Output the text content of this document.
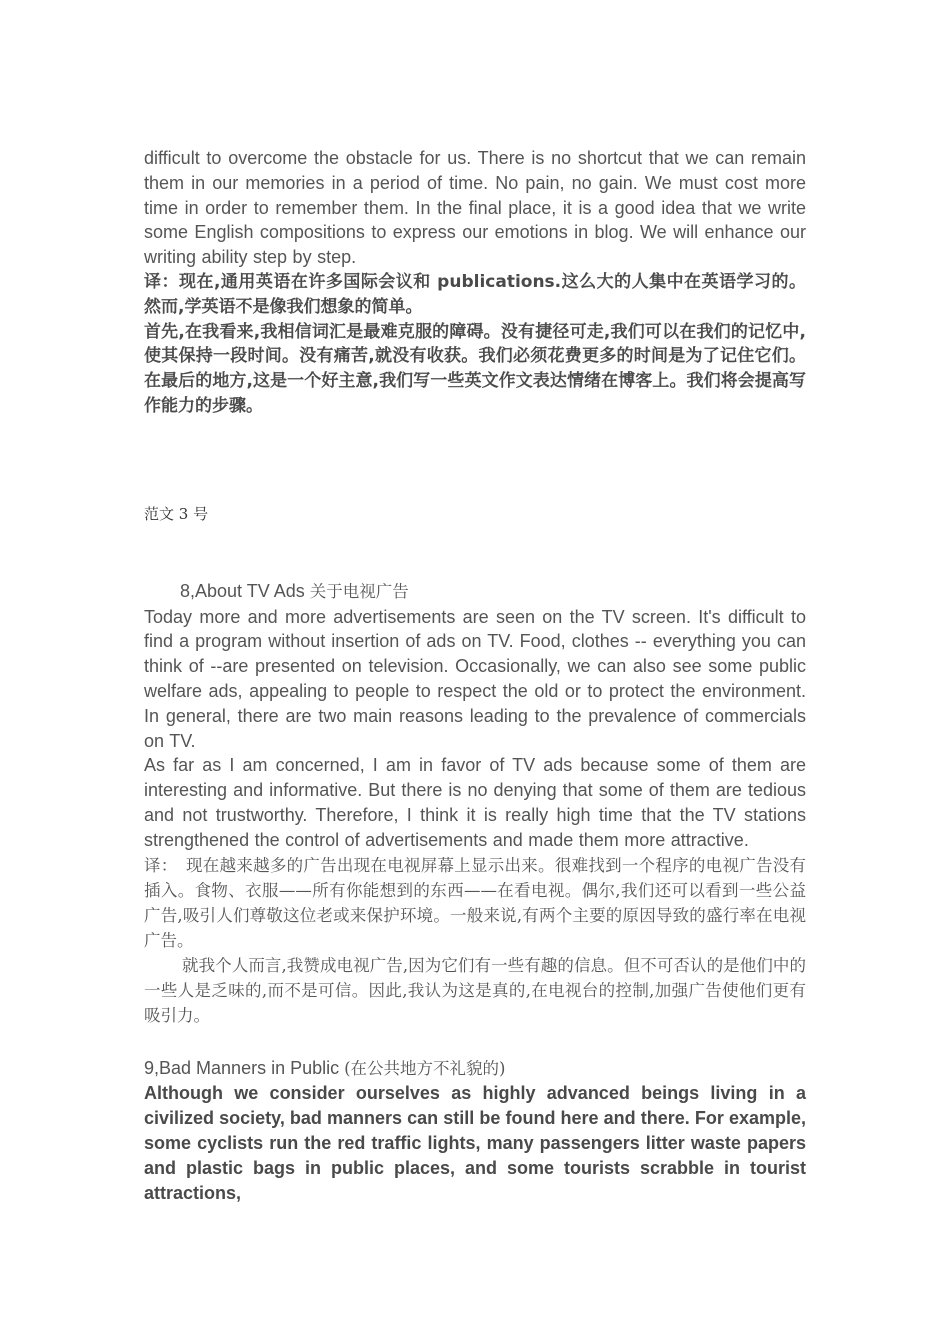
difficult to overcome the obstacle for us. There is no shortcut that we can remain them in our memories in a period of time. No pain, no gain. We must cost more time in order to remember them. In the final place, it is a good idea that we write some English compositions to express our emotions in blog. We will enhance our writing ability step by step.

译：现在,通用英语在许多国际会议和 publications.这么大的人集中在英语学习的。然而,学英语不是像我们想象的简单。

首先,在我看来,我相信词汇是最难克服的障碍。没有捷径可走,我们可以在我们的记忆中,使其保持一段时间。没有痛苦,就没有收获。我们必须花费更多的时间是为了记住它们。在最后的地方,这是一个好主意,我们写一些英文作文表达情绪在博客上。我们将会提高写作能力的步骤。

范文 3 号

8,About TV Ads 关于电视广告

Today more and more advertisements are seen on the TV screen. It's difficult to find a program without insertion of ads on TV. Food, clothes -- everything you can think of --are presented on television. Occasionally, we can also see some public welfare ads, appealing to people to respect the old or to protect the environment. In general, there are two main reasons leading to the prevalence of commercials on TV.

As far as I am concerned, I am in favor of TV ads because some of them are interesting and informative. But there is no denying that some of them are tedious and not trustworthy. Therefore, I think it is really high time that the TV stations strengthened the control of advertisements and made them more attractive.

译：　现在越来越多的广告出现在电视屏幕上显示出来。很难找到一个程序的电视广告没有插入。食物、衣服——所有你能想到的东西——在看电视。偶尔,我们还可以看到一些公益广告,吸引人们尊敬这位老或来保护环境。一般来说,有两个主要的原因导致的盛行率在电视广告。

就我个人而言,我赞成电视广告,因为它们有一些有趣的信息。但不可否认的是他们中的一些人是乏味的,而不是可信。因此,我认为这是真的,在电视台的控制,加强广告使他们更有吸引力。

9,Bad Manners in Public (在公共地方不礼貌的)

Although we consider ourselves as highly advanced beings living in a civilized society, bad manners can still be found here and there. For example, some cyclists run the red traffic lights, many passengers litter waste papers and plastic bags in public places, and some tourists scrabble in tourist attractions,
